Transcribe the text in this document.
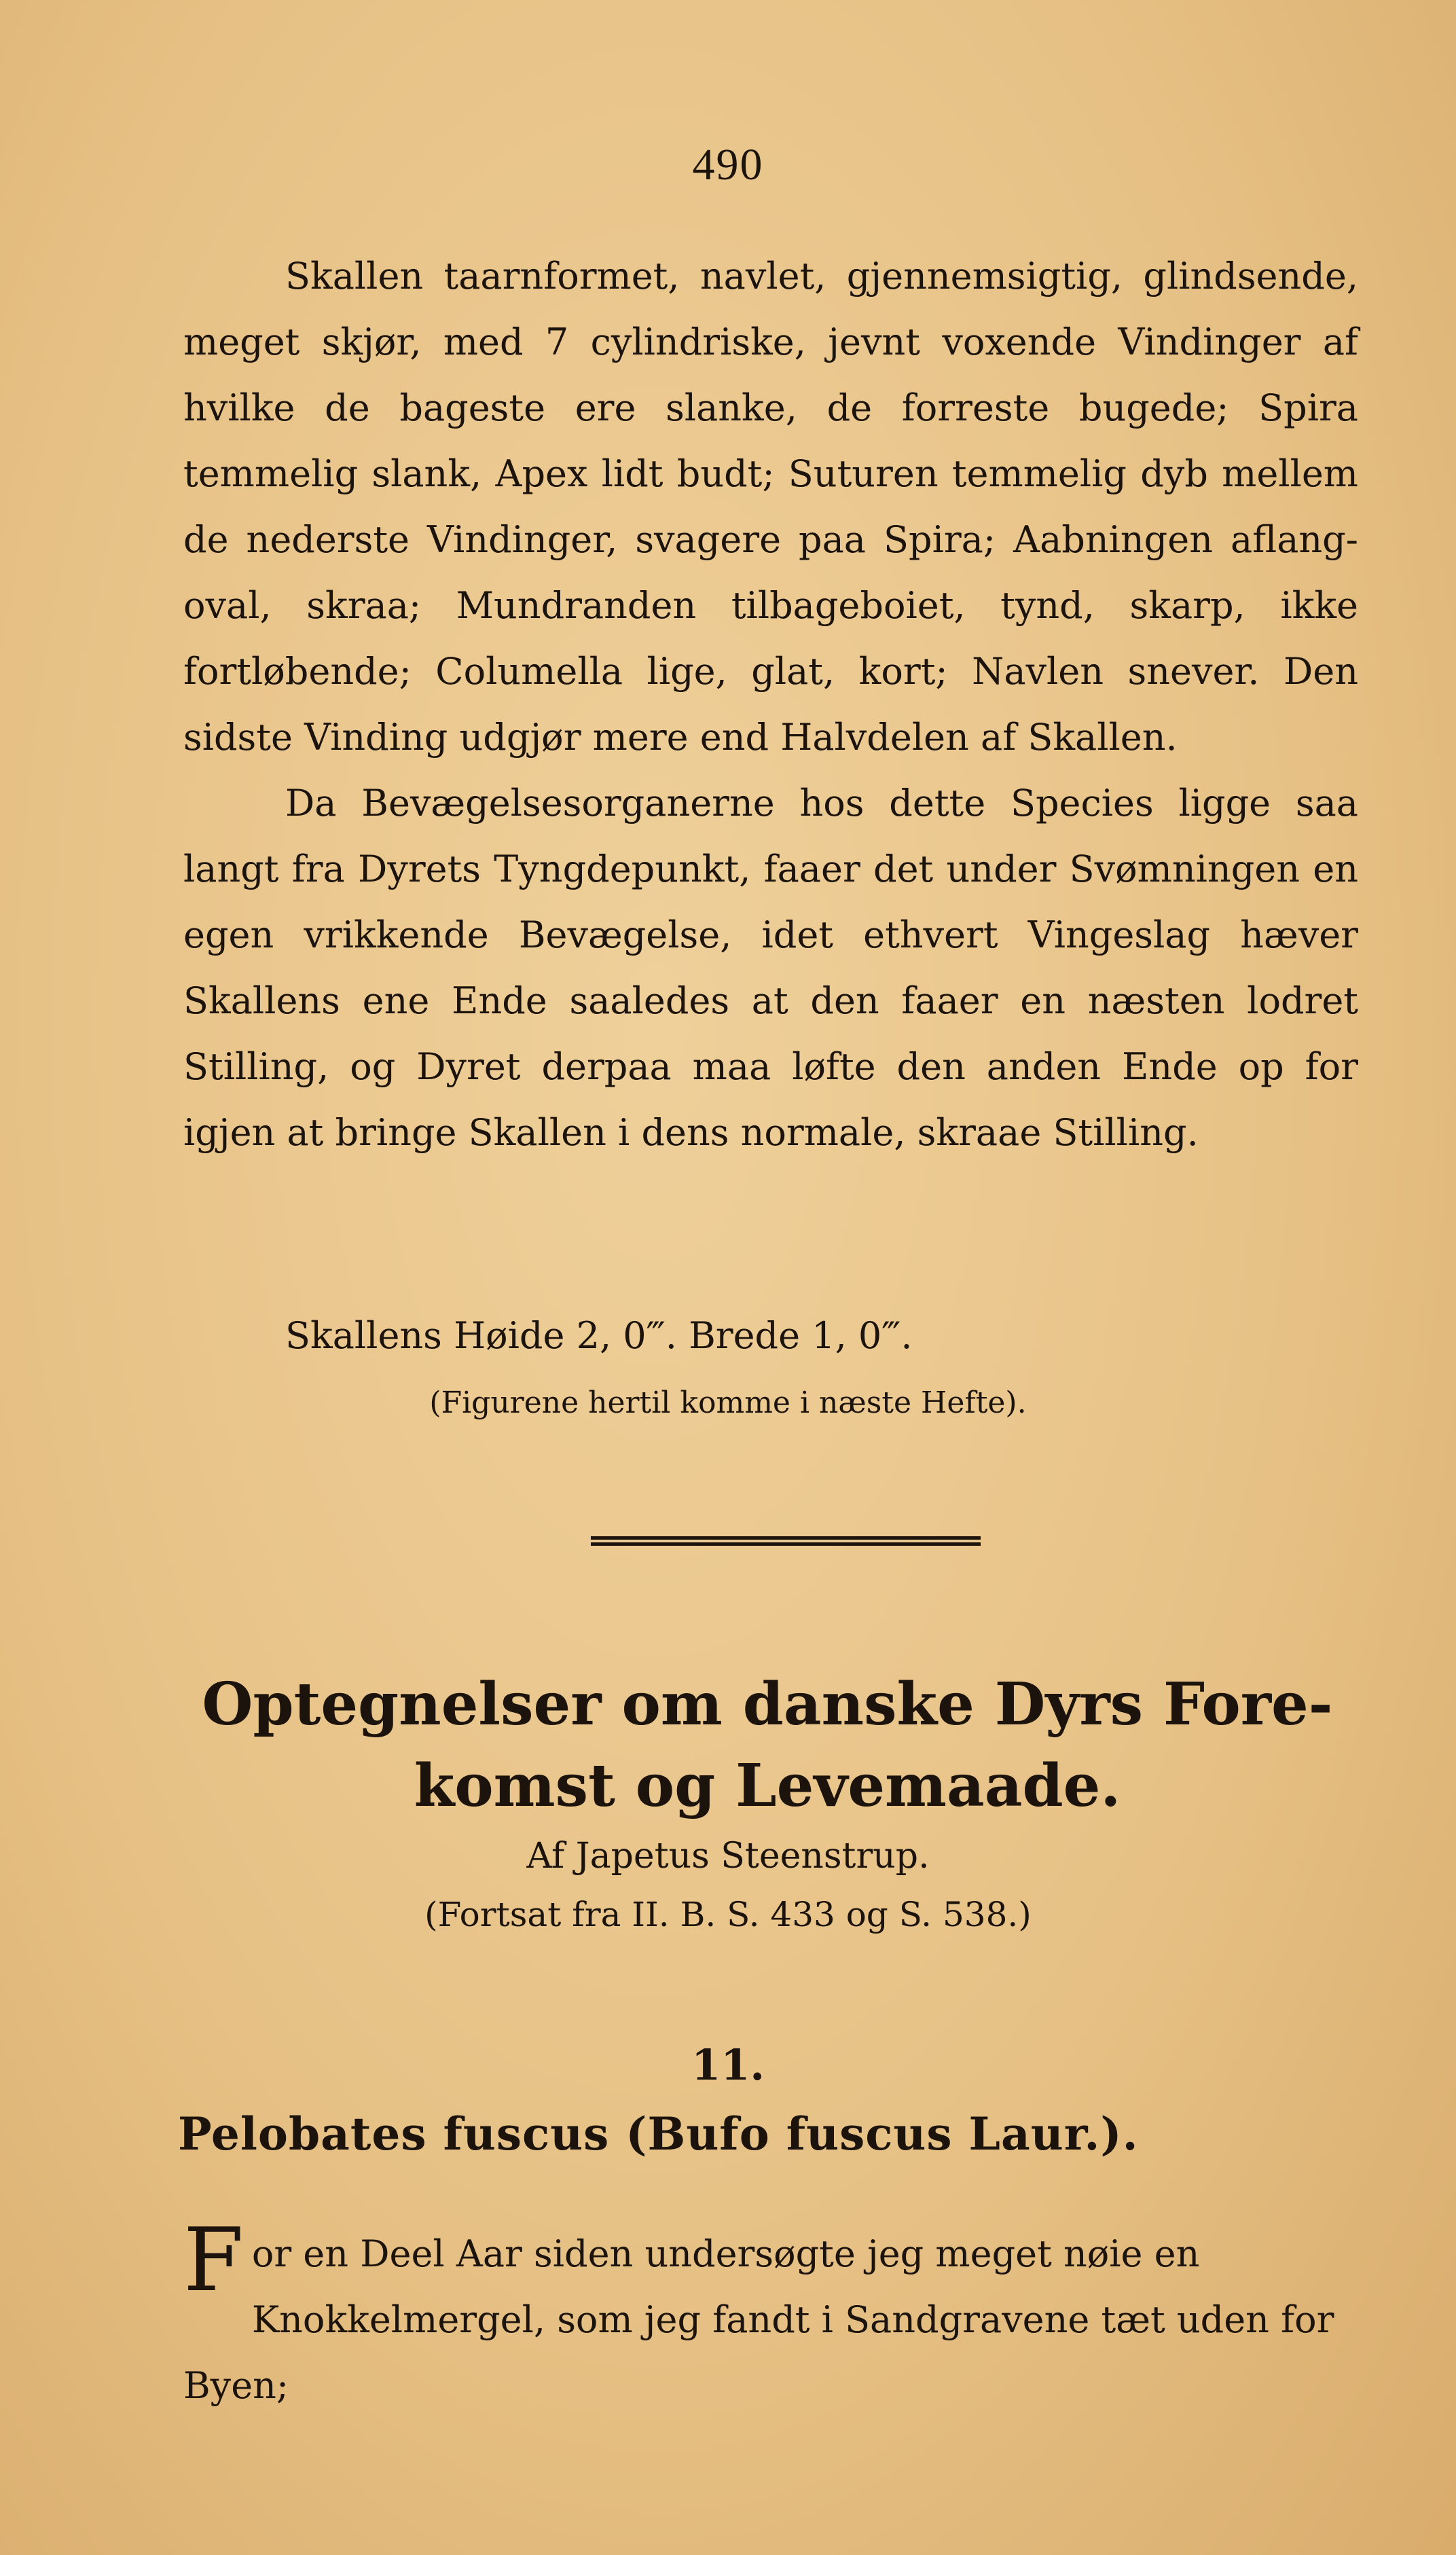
490

Skallen taarnformet, navlet, gjennemsigtig, glindsende, meget skjør, med 7 cylindriske, jevnt voxende Vindinger af hvilke de bageste ere slanke, de forreste bugede; Spira temmelig slank, Apex lidt budt; Suturen temmelig dyb mellem de nederste Vindinger, svagere paa Spira; Aabningen aflang-oval, skraa; Mundranden tilbageboiet, tynd, skarp, ikke fortløbende; Columella lige, glat, kort; Navlen snever. Den sidste Vinding udgjør mere end Halvdelen af Skallen.

Da Bevægelsesorganerne hos dette Species ligge saa langt fra Dyrets Tyngdepunkt, faaer det under Svømningen en egen vrikkende Bevægelse, idet ethvert Vingeslag hæver Skallens ene Ende saaledes at den faaer en næsten lodret Stilling, og Dyret derpaa maa løfte den anden Ende op for igjen at bringe Skallen i dens normale, skraae Stilling.

Skallens Høide 2, 0‴. Brede 1, 0‴.
(Figurene hertil komme i næste Hefte).
Optegnelser om danske Dyrs Fore-
komst og Levemaade.
Af Japetus Steenstrup.
(Fortsat fra II. B. S. 433 og S. 538.)
11.
Pelobates fuscus (Bufo fuscus Laur.).
For en Deel Aar siden undersøgte jeg meget nøie en Knokkelmergel, som jeg fandt i Sandgravene tæt uden for Byen;
